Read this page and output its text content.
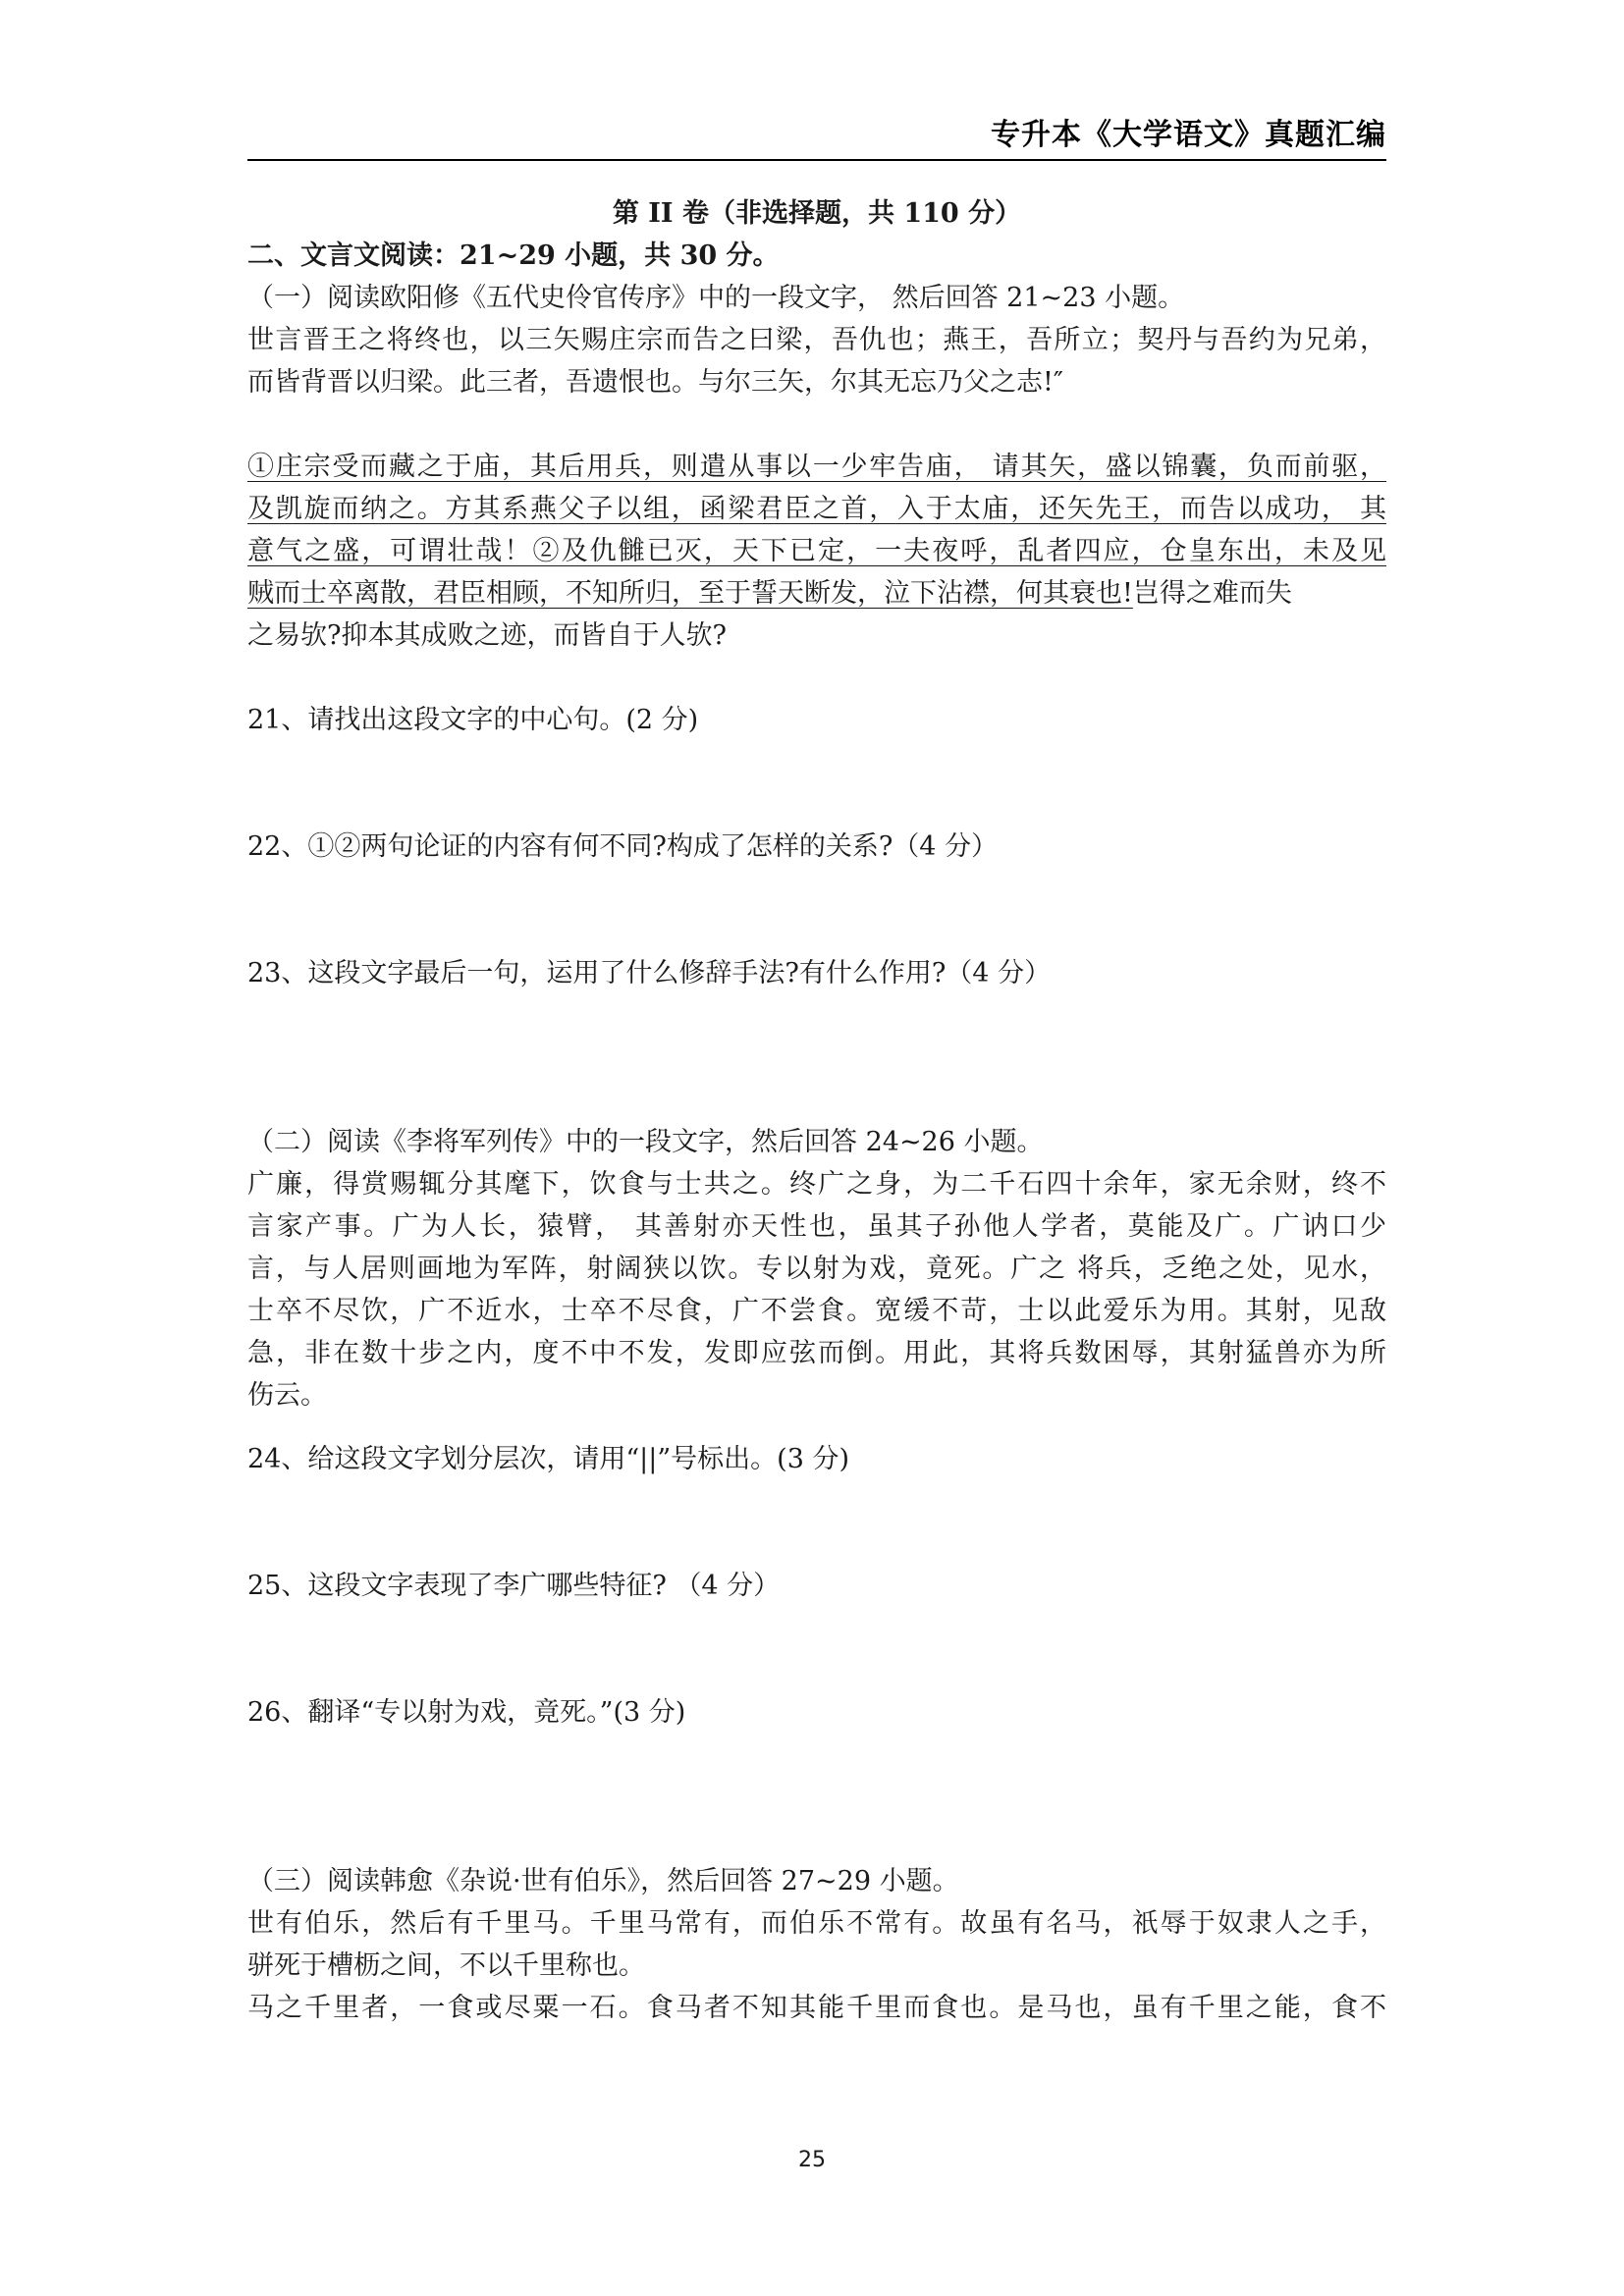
专升本《大学语文》真题汇编
第 II 卷（非选择题，共 110 分）
二、文言文阅读：21~29 小题，共 30 分。
（一）阅读欧阳修《五代史伶官传序》中的一段文字， 然后回答 21~23 小题。
世言晋王之将终也，以三矢赐庄宗而告之曰梁，吾仇也；燕王，吾所立；契丹与吾约为兄弟，
而皆背晋以归梁。此三者，吾遗恨也。与尔三矢，尔其无忘乃父之志!″
①庄宗受而藏之于庙，其后用兵，则遣从事以一少牢告庙， 请其矢，盛以锦囊，负而前驱，
及凯旋而纳之。方其系燕父子以组，函梁君臣之首，入于太庙，还矢先王，而告以成功， 其
意气之盛，可谓壮哉！②及仇雠已灭，天下已定，一夫夜呼，乱者四应，仓皇东出，未及见
贼而士卒离散，君臣相顾，不知所归，至于誓天断发，泣下沾襟，何其衰也!岂得之难而失
之易欤?抑本其成败之迹，而皆自于人欤?
21、请找出这段文字的中心句。(2 分)
22、①②两句论证的内容有何不同?构成了怎样的关系?（4 分）
23、这段文字最后一句，运用了什么修辞手法?有什么作用?（4 分）
（二）阅读《李将军列传》中的一段文字，然后回答 24~26 小题。
广廉，得赏赐辄分其麾下，饮食与士共之。终广之身，为二千石四十余年，家无余财，终不
言家产事。广为人长，猿臂， 其善射亦天性也，虽其子孙他人学者，莫能及广。广讷口少
言，与人居则画地为军阵，射阔狭以饮。专以射为戏，竟死。广之 将兵，乏绝之处，见水，
士卒不尽饮，广不近水，士卒不尽食，广不尝食。宽缓不苛，士以此爱乐为用。其射，见敌
急，非在数十步之内，度不中不发，发即应弦而倒。用此，其将兵数困辱，其射猛兽亦为所
伤云。
24、给这段文字划分层次，请用“||”号标出。(3 分)
25、这段文字表现了李广哪些特征? （4 分）
26、翻译“专以射为戏，竟死。”(3 分)
（三）阅读韩愈《杂说·世有伯乐》，然后回答 27~29 小题。
世有伯乐，然后有千里马。千里马常有，而伯乐不常有。故虽有名马，祇辱于奴隶人之手，
骈死于槽枥之间，不以千里称也。
马之千里者，一食或尽粟一石。食马者不知其能千里而食也。是马也，虽有千里之能，食不
25
